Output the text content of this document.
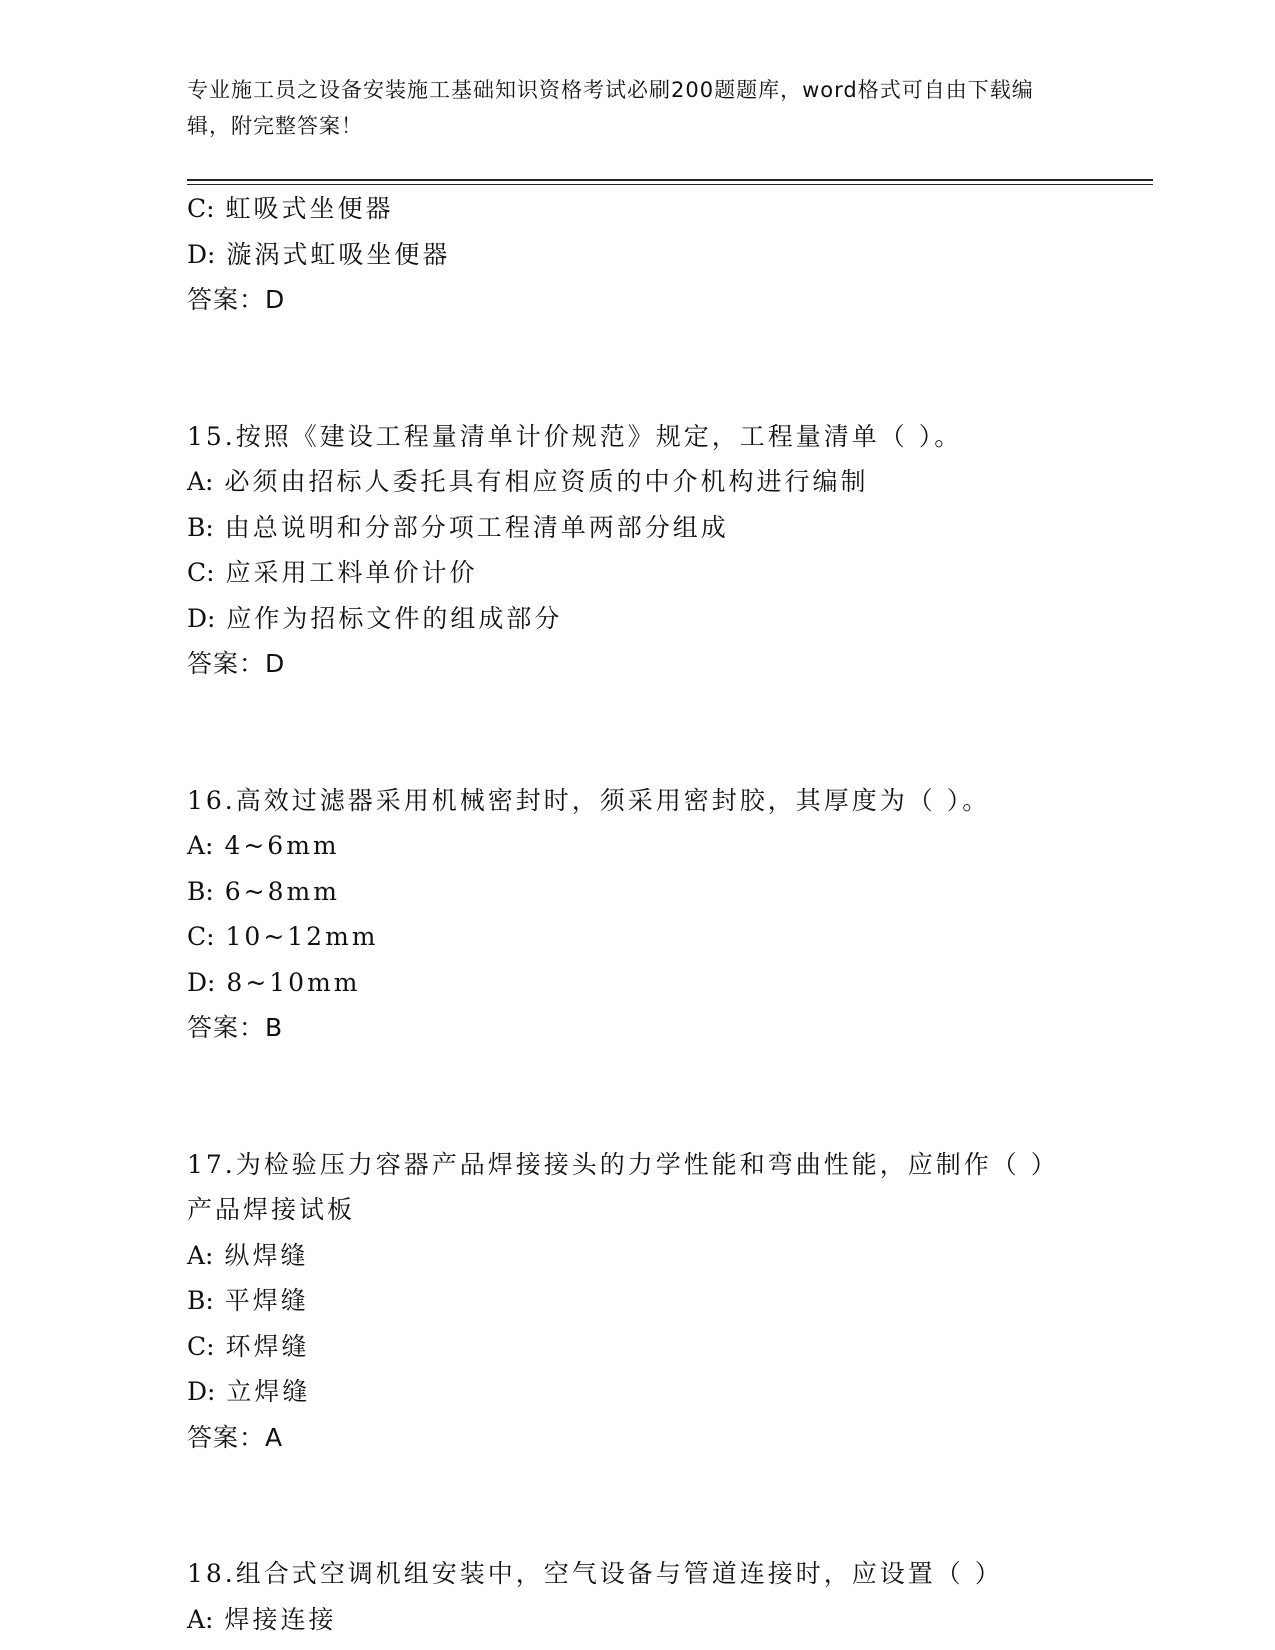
专业施工员之设备安装施工基础知识资格考试必刷200题题库，word格式可自由下载编辑，附完整答案！
C: 虹吸式坐便器
D: 漩涡式虹吸坐便器
答案：D
15.按照《建设工程量清单计价规范》规定，工程量清单（ ）。
A: 必须由招标人委托具有相应资质的中介机构进行编制
B: 由总说明和分部分项工程清单两部分组成
C: 应采用工料单价计价
D: 应作为招标文件的组成部分
答案：D
16.高效过滤器采用机械密封时，须采用密封胶，其厚度为（ ）。
A: 4~6mm
B: 6~8mm
C: 10~12mm
D: 8~10mm
答案：B
17.为检验压力容器产品焊接接头的力学性能和弯曲性能，应制作（ ）产品焊接试板
A: 纵焊缝
B: 平焊缝
C: 环焊缝
D: 立焊缝
答案：A
18.组合式空调机组安装中，空气设备与管道连接时，应设置（ ）
A: 焊接连接
